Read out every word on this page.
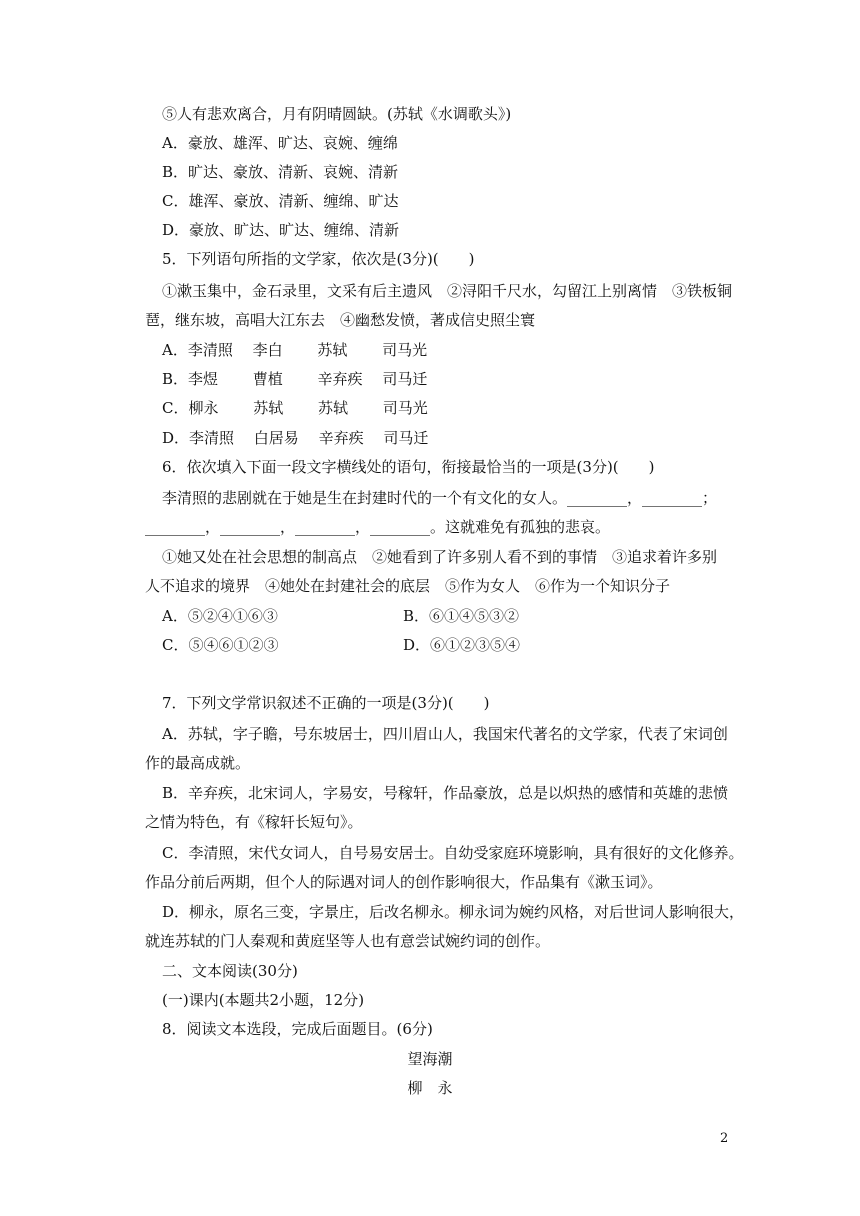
⑤人有悲欢离合，月有阴晴圆缺。(苏轼《水调歌头》)
A．豪放、雄浑、旷达、哀婉、缠绵
B．旷达、豪放、清新、哀婉、清新
C．雄浑、豪放、清新、缠绵、旷达
D．豪放、旷达、旷达、缠绵、清新
5．下列语句所指的文学家，依次是(3分)(　　)
①漱玉集中，金石录里，文采有后主遗风　②浔阳千尺水，勾留江上别离情　③铁板铜
琶，继东坡，高唱大江东去　④幽愁发愤，著成信史照尘寰
A．李清照　 李白　　 苏轼　　 司马光
B．李煜　　 曹植　　 辛弃疾　 司马迁
C．柳永　　 苏轼　　 苏轼　　 司马光
D．李清照　 白居易　 辛弃疾　 司马迁
6．依次填入下面一段文字横线处的语句，衔接最恰当的一项是(3分)(　　)
李清照的悲剧就在于她是生在封建时代的一个有文化的女人。________，________；
________，________，________，________。这就难免有孤独的悲哀。
①她又处在社会思想的制高点　②她看到了许多别人看不到的事情　③追求着许多别
人不追求的境界　④她处在封建社会的底层　⑤作为女人　⑥作为一个知识分子
A．⑤②④①⑥③	B．⑥①④⑤③②
C．⑤④⑥①②③	D．⑥①②③⑤④
7．下列文学常识叙述不正确的一项是(3分)(　　)
A．苏轼，字子瞻，号东坡居士，四川眉山人，我国宋代著名的文学家，代表了宋词创
作的最高成就。
B．辛弃疾，北宋词人，字易安，号稼轩，作品豪放，总是以炽热的感情和英雄的悲愤
之情为特色，有《稼轩长短句》。
C．李清照，宋代女词人，自号易安居士。自幼受家庭环境影响，具有很好的文化修养。
作品分前后两期，但个人的际遇对词人的创作影响很大，作品集有《漱玉词》。
D．柳永，原名三变，字景庄，后改名柳永。柳永词为婉约风格，对后世词人影响很大，
就连苏轼的门人秦观和黄庭坚等人也有意尝试婉约词的创作。
二、文本阅读(30分)
(一)课内(本题共2小题，12分)
8．阅读文本选段，完成后面题目。(6分)
望海潮
柳　永
2
